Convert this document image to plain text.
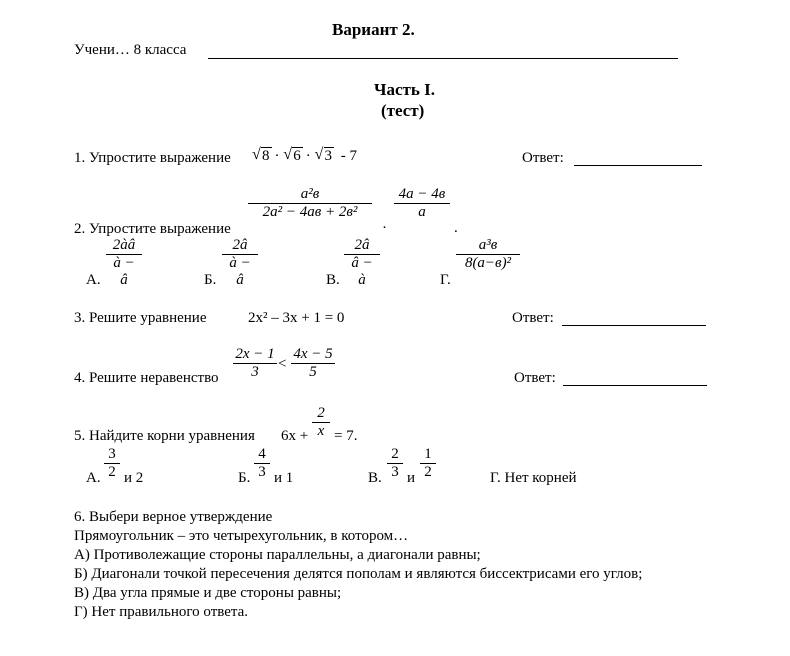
Вариант 2.
Учени… 8 класса
Часть I.
(тест)
1. Упростите выражение √ 8 · √ 6 · √ 3 - 7	Ответ:
2. Упростите выражение
a²в
2a² − 4aв + 2в²
·
4a − 4в
a
.
А.
2àâ
à − â	Б.
2â
à − â	В.
2â
â − à	Г.
a³в
8(a−в)²
3. Решите уравнение	2x² – 3x + 1 = 0	Ответ:
4. Решите неравенство
2x − 1
3	<
4x − 5
5	Ответ:
5. Найдите корни уравнения 6x +
2
x = 7.
А.
3
2 и 2	Б.
4
3 и 1	В.
2
3 и
1
2	Г. Нет корней
6. Выбери верное утверждение
Прямоугольник – это четырехугольник, в котором…
А) Противолежащие стороны параллельны, а диагонали равны;
Б) Диагонали точкой пересечения делятся пополам и являются биссектрисами его углов;
В) Два угла прямые и две стороны равны;
Г) Нет правильного ответа.
